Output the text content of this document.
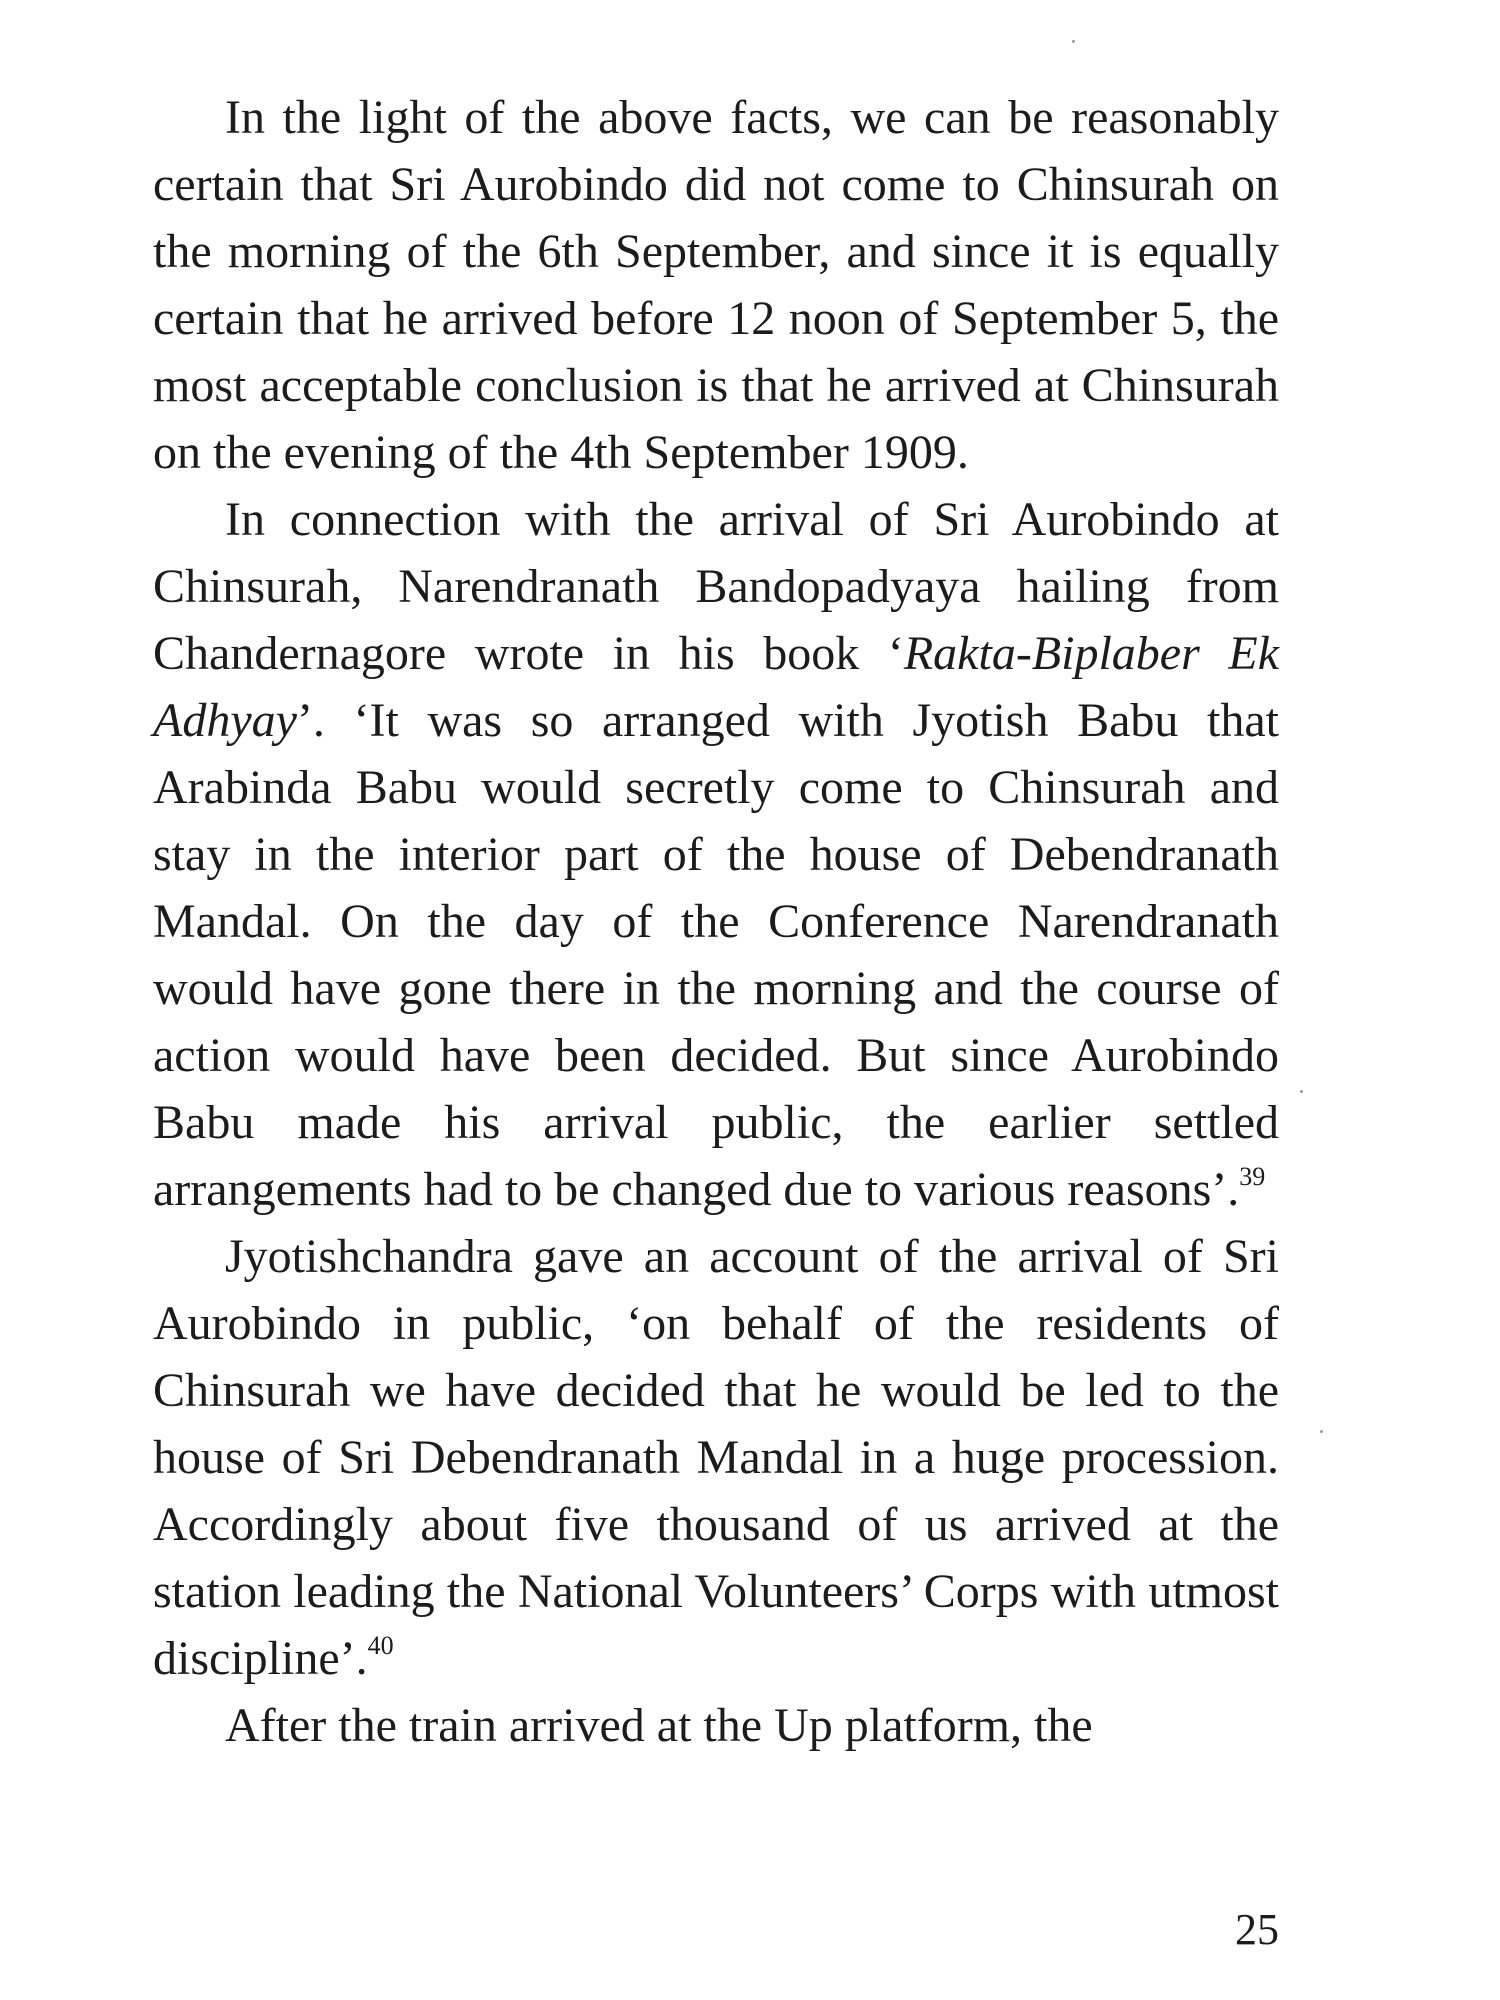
In the light of the above facts, we can be reasonably certain that Sri Aurobindo did not come to Chinsurah on the morning of the 6th September, and since it is equally certain that he arrived before 12 noon of September 5, the most acceptable conclusion is that he arrived at Chinsurah on the evening of the 4th September 1909.

In connection with the arrival of Sri Aurobindo at Chinsurah, Narendranath Bandopadyaya hailing from Chandernagore wrote in his book ‘Rakta-Biplaber Ek Adhyay’. ‘It was so arranged with Jyotish Babu that Arabinda Babu would secretly come to Chinsurah and stay in the interior part of the house of Debendranath Mandal. On the day of the Conference Narendranath would have gone there in the morning and the course of action would have been decided. But since Aurobindo Babu made his arrival public, the earlier settled arrangements had to be changed due to various reasons’.$^{39}$

Jyotishchandra gave an account of the arrival of Sri Aurobindo in public, ‘on behalf of the residents of Chinsurah we have decided that he would be led to the house of Sri Debendranath Mandal in a huge procession. Accordingly about five thousand of us arrived at the station leading the National Volunteers’ Corps with utmost discipline’.$^{40}$

After the train arrived at the Up platform, the

25
